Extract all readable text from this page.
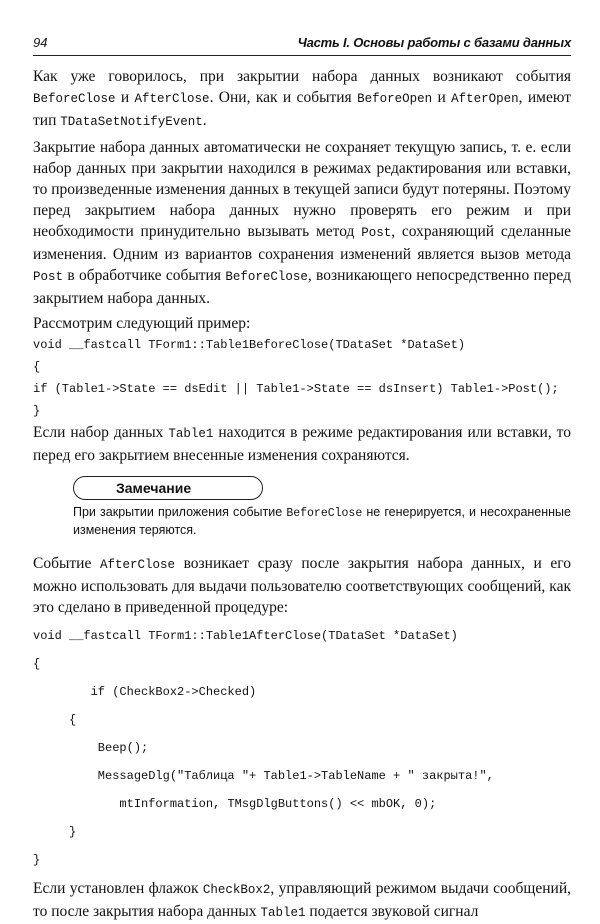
94	Часть I. Основы работы с базами данных

Как уже говорилось, при закрытии набора данных возникают события BeforeClose и AfterClose. Они, как и события BeforeOpen и AfterOpen, имеют тип TDataSetNotifyEvent.

Закрытие набора данных автоматически не сохраняет текущую запись, т. е. если набор данных при закрытии находился в режимах редактирования или вставки, то произведенные изменения данных в текущей записи будут потеряны. Поэтому перед закрытием набора данных нужно проверять его режим и при необходимости принудительно вызывать метод Post, сохраняющий сделанные изменения. Одним из вариантов сохранения изменений является вызов метода Post в обработчике события BeforeClose, возникающего непосредственно перед закрытием набора данных.

Рассмотрим следующий пример:

void __fastcall TForm1::Table1BeforeClose(TDataSet *DataSet)
{
if (Table1->State == dsEdit || Table1->State == dsInsert) Table1->Post();
}

Если набор данных Table1 находится в режиме редактирования или вставки, то перед его закрытием внесенные изменения сохраняются.

Замечание
При закрытии приложения событие BeforeClose не генерируется, и несохраненные изменения теряются.

Событие AfterClose возникает сразу после закрытия набора данных, и его можно использовать для выдачи пользователю соответствующих сообщений, как это сделано в приведенной процедуре:

void __fastcall TForm1::Table1AfterClose(TDataSet *DataSet)
{
if (CheckBox2->Checked)
{
Beep();
MessageDlg("Таблица "+ Table1->TableName + " закрыта!",
mtInformation, TMsgDlgButtons() << mbOK, 0);
}
}

Если установлен флажок CheckBox2, управляющий режимом выдачи сообщений, то после закрытия набора данных Table1 подается звуковой сигнал
